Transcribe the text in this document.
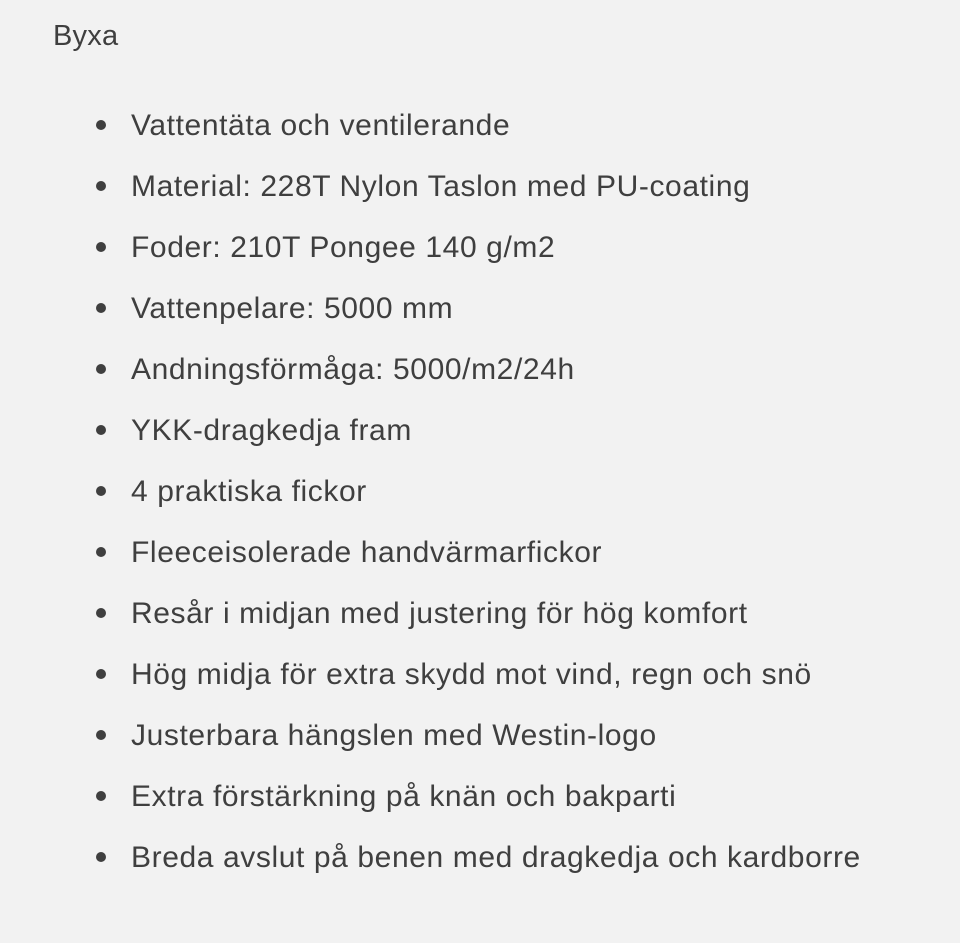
Byxa
Vattentäta och ventilerande
Material: 228T Nylon Taslon med PU-coating
Foder: 210T Pongee 140 g/m2
Vattenpelare: 5000 mm
Andningsförmåga: 5000/m2/24h
YKK-dragkedja fram
4 praktiska fickor
Fleeceisolerade handvärmarfickor
Resår i midjan med justering för hög komfort
Hög midja för extra skydd mot vind, regn och snö
Justerbara hängslen med Westin-logo
Extra förstärkning på knän och bakparti
Breda avslut på benen med dragkedja och kardborre
